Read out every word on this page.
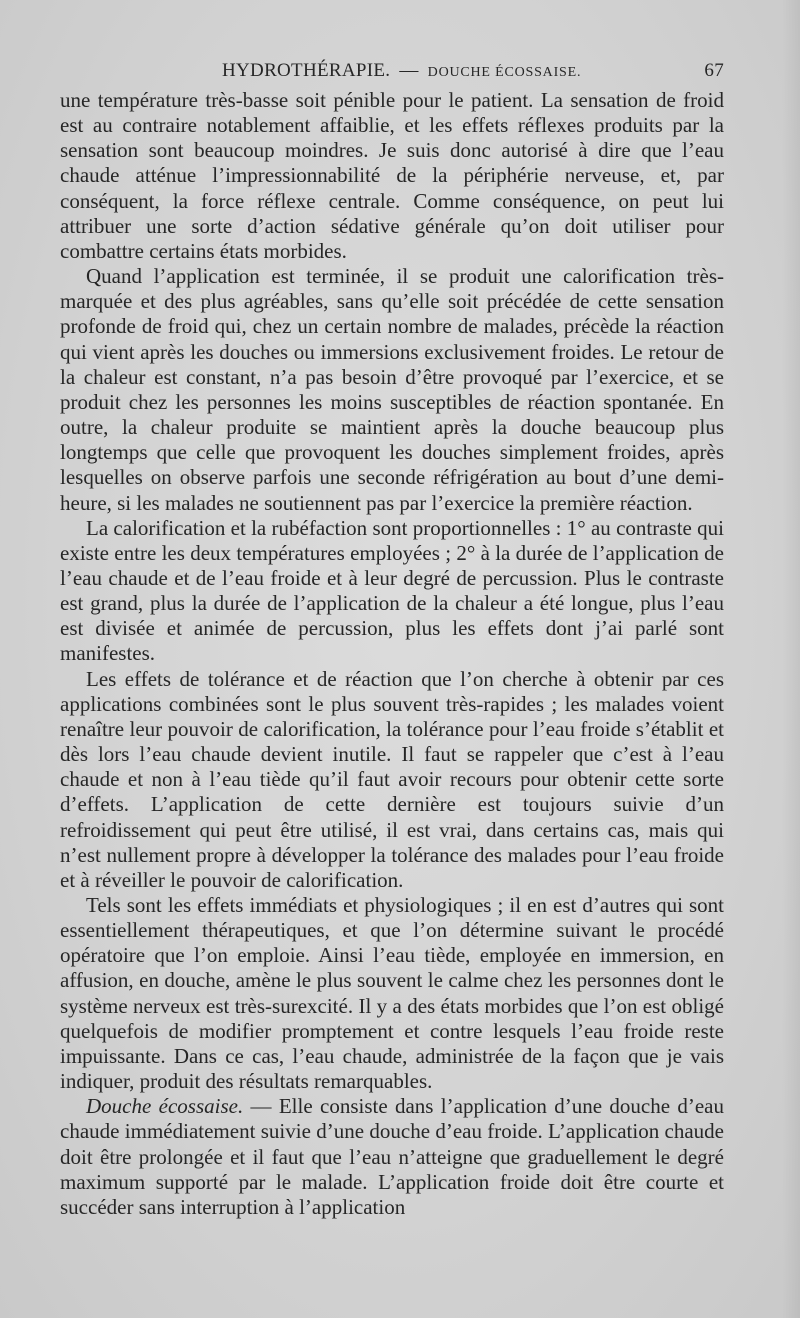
HYDROTHÉRAPIE. — DOUCHE ÉCOSSAISE.	67

une température très-basse soit pénible pour le patient. La sensation de froid est au contraire notablement affaiblie, et les effets réflexes produits par la sensation sont beaucoup moindres. Je suis donc autorisé à dire que l’eau chaude atténue l’impressionnabilité de la périphérie nerveuse, et, par conséquent, la force réflexe centrale. Comme conséquence, on peut lui attribuer une sorte d’action sédative générale qu’on doit utiliser pour combattre certains états morbides.

Quand l’application est terminée, il se produit une calorification très-marquée et des plus agréables, sans qu’elle soit précédée de cette sensation profonde de froid qui, chez un certain nombre de malades, précède la réaction qui vient après les douches ou immersions exclusivement froides. Le retour de la chaleur est constant, n’a pas besoin d’être provoqué par l’exercice, et se produit chez les personnes les moins susceptibles de réaction spontanée. En outre, la chaleur produite se maintient après la douche beaucoup plus longtemps que celle que provoquent les douches simplement froides, après lesquelles on observe parfois une seconde réfrigération au bout d’une demi-heure, si les malades ne soutiennent pas par l’exercice la première réaction.

La calorification et la rubéfaction sont proportionnelles : 1° au contraste qui existe entre les deux températures employées ; 2° à la durée de l’application de l’eau chaude et de l’eau froide et à leur degré de percussion. Plus le contraste est grand, plus la durée de l’application de la chaleur a été longue, plus l’eau est divisée et animée de percussion, plus les effets dont j’ai parlé sont manifestes.

Les effets de tolérance et de réaction que l’on cherche à obtenir par ces applications combinées sont le plus souvent très-rapides ; les malades voient renaître leur pouvoir de calorification, la tolérance pour l’eau froide s’établit et dès lors l’eau chaude devient inutile. Il faut se rappeler que c’est à l’eau chaude et non à l’eau tiède qu’il faut avoir recours pour obtenir cette sorte d’effets. L’application de cette dernière est toujours suivie d’un refroidissement qui peut être utilisé, il est vrai, dans certains cas, mais qui n’est nullement propre à développer la tolérance des malades pour l’eau froide et à réveiller le pouvoir de calorification.

Tels sont les effets immédiats et physiologiques ; il en est d’autres qui sont essentiellement thérapeutiques, et que l’on détermine suivant le procédé opératoire que l’on emploie. Ainsi l’eau tiède, employée en immersion, en affusion, en douche, amène le plus souvent le calme chez les personnes dont le système nerveux est très-surexcité. Il y a des états morbides que l’on est obligé quelquefois de modifier promptement et contre lesquels l’eau froide reste impuissante. Dans ce cas, l’eau chaude, administrée de la façon que je vais indiquer, produit des résultats remarquables.

Douche écossaise. — Elle consiste dans l’application d’une douche d’eau chaude immédiatement suivie d’une douche d’eau froide. L’application chaude doit être prolongée et il faut que l’eau n’atteigne que graduellement le degré maximum supporté par le malade. L’application froide doit être courte et succéder sans interruption à l’application
